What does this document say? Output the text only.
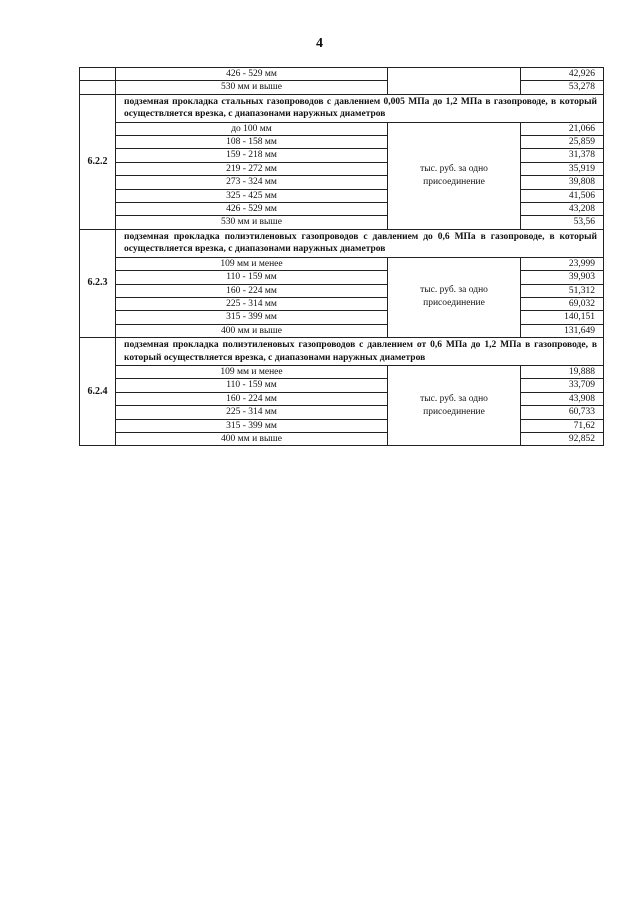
4
	426 - 529 мм		42,926
	530 мм и выше		53,278
6.2.2	подземная прокладка стальных газопроводов с давлением 0,005 МПа до 1,2 МПа в газопроводе, в который осуществляется врезка, с диапазонами наружных диаметров		
	до 100 мм	тыс. руб. за одно присоединение	21,066
	108 - 158 мм		25,859
	159 - 218 мм		31,378
	219 - 272 мм		35,919
	273 - 324 мм		39,808
	325 - 425 мм		41,506
	426 - 529 мм		43,208
	530 мм и выше		53,56
6.2.3	подземная прокладка полиэтиленовых газопроводов с давлением до 0,6 МПа в газопроводе, в который осуществляется врезка, с диапазонами наружных диаметров		
	109 мм и менее	тыс. руб. за одно присоединение	23,999
	110 - 159 мм		39,903
	160 - 224 мм		51,312
	225 - 314 мм		69,032
	315 - 399 мм		140,151
	400 мм и выше		131,649
6.2.4	подземная прокладка полиэтиленовых газопроводов с давлением от 0,6 МПа до 1,2 МПа в газопроводе, в который осуществляется врезка, с диапазонами наружных диаметров		
	109 мм и менее	тыс. руб. за одно присоединение	19,888
	110 - 159 мм		33,709
	160 - 224 мм		43,908
	225 - 314 мм		60,733
	315 - 399 мм		71,62
	400 мм и выше		92,852
